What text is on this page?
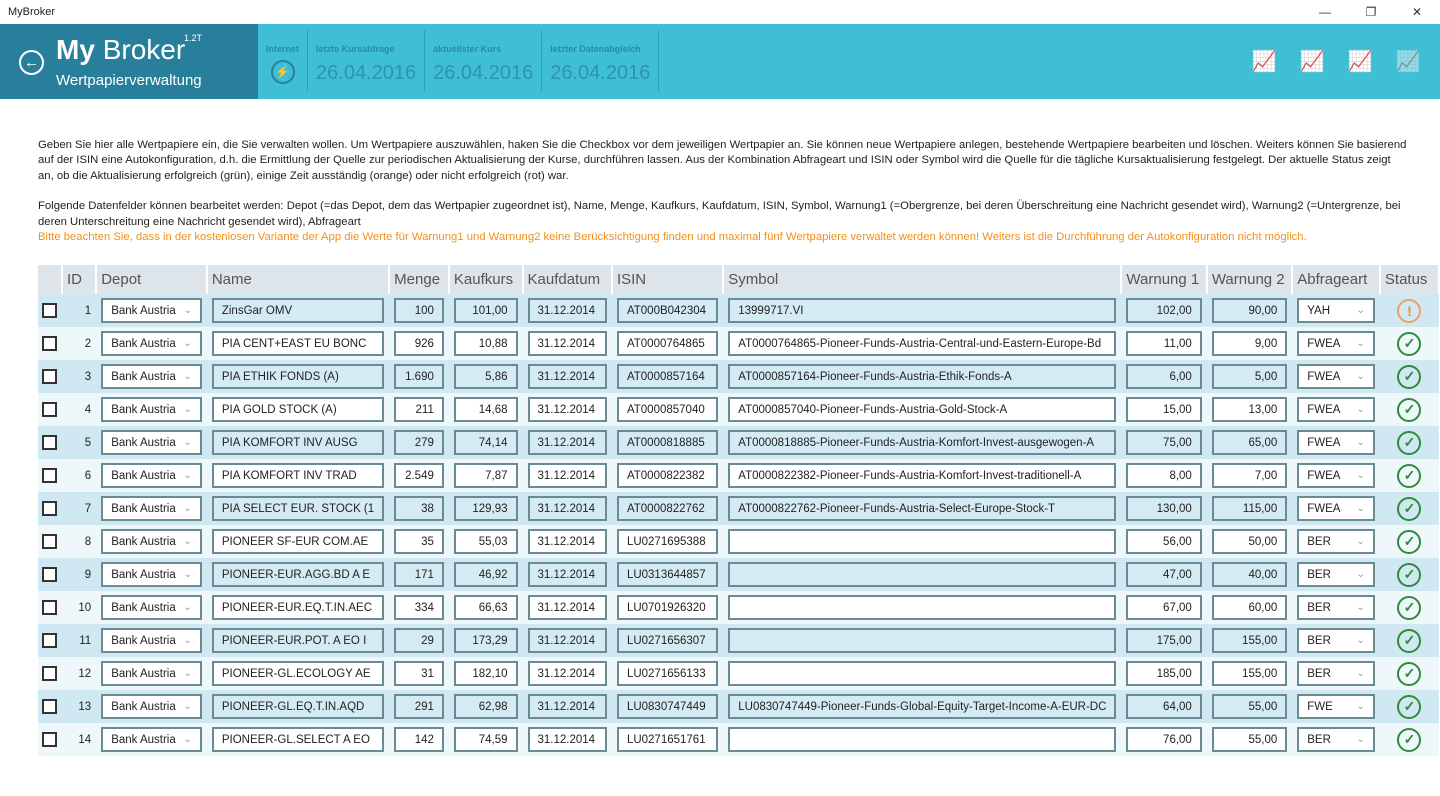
MyBroker	—	❐	✕
← My Broker
1.2T
Wertpapierverwaltung
Internet
⚡
letzte Kursabfrage
26.04.2016
aktuellster Kurs
26.04.2016
letzter Datenabgleich
26.04.2016	📈 📈 📈 📈

Geben Sie hier alle Wertpapiere ein, die Sie verwalten wollen. Um Wertpapiere auszuwählen, haken Sie die Checkbox vor dem jeweiligen Wertpapier an. Sie können neue Wertpapiere anlegen, bestehende Wertpapiere bearbeiten und löschen. Weiters können Sie basierend auf der ISIN eine Autokonfiguration, d.h. die Ermittlung der Quelle zur periodischen Aktualisierung der Kurse, durchführen lassen. Aus der Kombination Abfrageart und ISIN oder Symbol wird die Quelle für die tägliche Kursaktualisierung festgelegt. Der aktuelle Status zeigt an, ob die Aktualisierung erfolgreich (grün), einige Zeit ausständig (orange) oder nicht erfolgreich (rot) war.

Folgende Datenfelder können bearbeitet werden: Depot (=das Depot, dem das Wertpapier zugeordnet ist), Name, Menge, Kaufkurs, Kaufdatum, ISIN, Symbol, Warnung1 (=Obergrenze, bei deren Überschreitung eine Nachricht gesendet wird), Warnung2 (=Untergrenze, bei deren Unterschreitung eine Nachricht gesendet wird), Abfrageart

Bitte beachten Sie, dass in der kostenlosen Variante der App die Werte für Warnung1 und Warnung2 keine Berücksichtigung finden und maximal fünf Wertpapiere verwaltet werden können! Weiters ist die Durchführung der Autokonfiguration nicht möglich.

	ID	Depot	Name	Menge	Kaufkurs	Kaufdatum	ISIN	Symbol	Warnung 1	Warnung 2	Abfrageart	Status

	1	Bank Austria ⌄	ZinsGar OMV	100	101,00	31.12.2014	AT000B042304	13999717.VI	102,00	90,00	YAH ⌄	!

	2	Bank Austria ⌄	PIA CENT+EAST EU BONC	926	10,88	31.12.2014	AT0000764865	AT0000764865-Pioneer-Funds-Austria-Central-und-Eastern-Europe-Bd	11,00	9,00	FWEA ⌄	✓

	3	Bank Austria ⌄	PIA ETHIK FONDS (A)	1.690	5,86	31.12.2014	AT0000857164	AT0000857164-Pioneer-Funds-Austria-Ethik-Fonds-A	6,00	5,00	FWEA ⌄	✓

	4	Bank Austria ⌄	PIA GOLD STOCK (A)	211	14,68	31.12.2014	AT0000857040	AT0000857040-Pioneer-Funds-Austria-Gold-Stock-A	15,00	13,00	FWEA ⌄	✓

	5	Bank Austria ⌄	PIA KOMFORT INV AUSG	279	74,14	31.12.2014	AT0000818885	AT0000818885-Pioneer-Funds-Austria-Komfort-Invest-ausgewogen-A	75,00	65,00	FWEA ⌄	✓

	6	Bank Austria ⌄	PIA KOMFORT INV TRAD	2.549	7,87	31.12.2014	AT0000822382	AT0000822382-Pioneer-Funds-Austria-Komfort-Invest-traditionell-A	8,00	7,00	FWEA ⌄	✓

	7	Bank Austria ⌄	PIA SELECT EUR. STOCK (1	38	129,93	31.12.2014	AT0000822762	AT0000822762-Pioneer-Funds-Austria-Select-Europe-Stock-T	130,00	115,00	FWEA ⌄	✓

	8	Bank Austria ⌄	PIONEER SF-EUR COM.AE	35	55,03	31.12.2014	LU0271695388		56,00	50,00	BER ⌄	✓

	9	Bank Austria ⌄	PIONEER-EUR.AGG.BD A E	171	46,92	31.12.2014	LU0313644857		47,00	40,00	BER ⌄	✓

	10	Bank Austria ⌄	PIONEER-EUR.EQ.T.IN.AEC	334	66,63	31.12.2014	LU0701926320		67,00	60,00	BER ⌄	✓

	11	Bank Austria ⌄	PIONEER-EUR.POT. A EO I	29	173,29	31.12.2014	LU0271656307		175,00	155,00	BER ⌄	✓

	12	Bank Austria ⌄	PIONEER-GL.ECOLOGY AE	31	182,10	31.12.2014	LU0271656133		185,00	155,00	BER ⌄	✓

	13	Bank Austria ⌄	PIONEER-GL.EQ.T.IN.AQD	291	62,98	31.12.2014	LU0830747449	LU0830747449-Pioneer-Funds-Global-Equity-Target-Income-A-EUR-DC	64,00	55,00	FWE ⌄	✓

	14	Bank Austria ⌄	PIONEER-GL.SELECT A EO	142	74,59	31.12.2014	LU0271651761		76,00	55,00	BER ⌄	✓
